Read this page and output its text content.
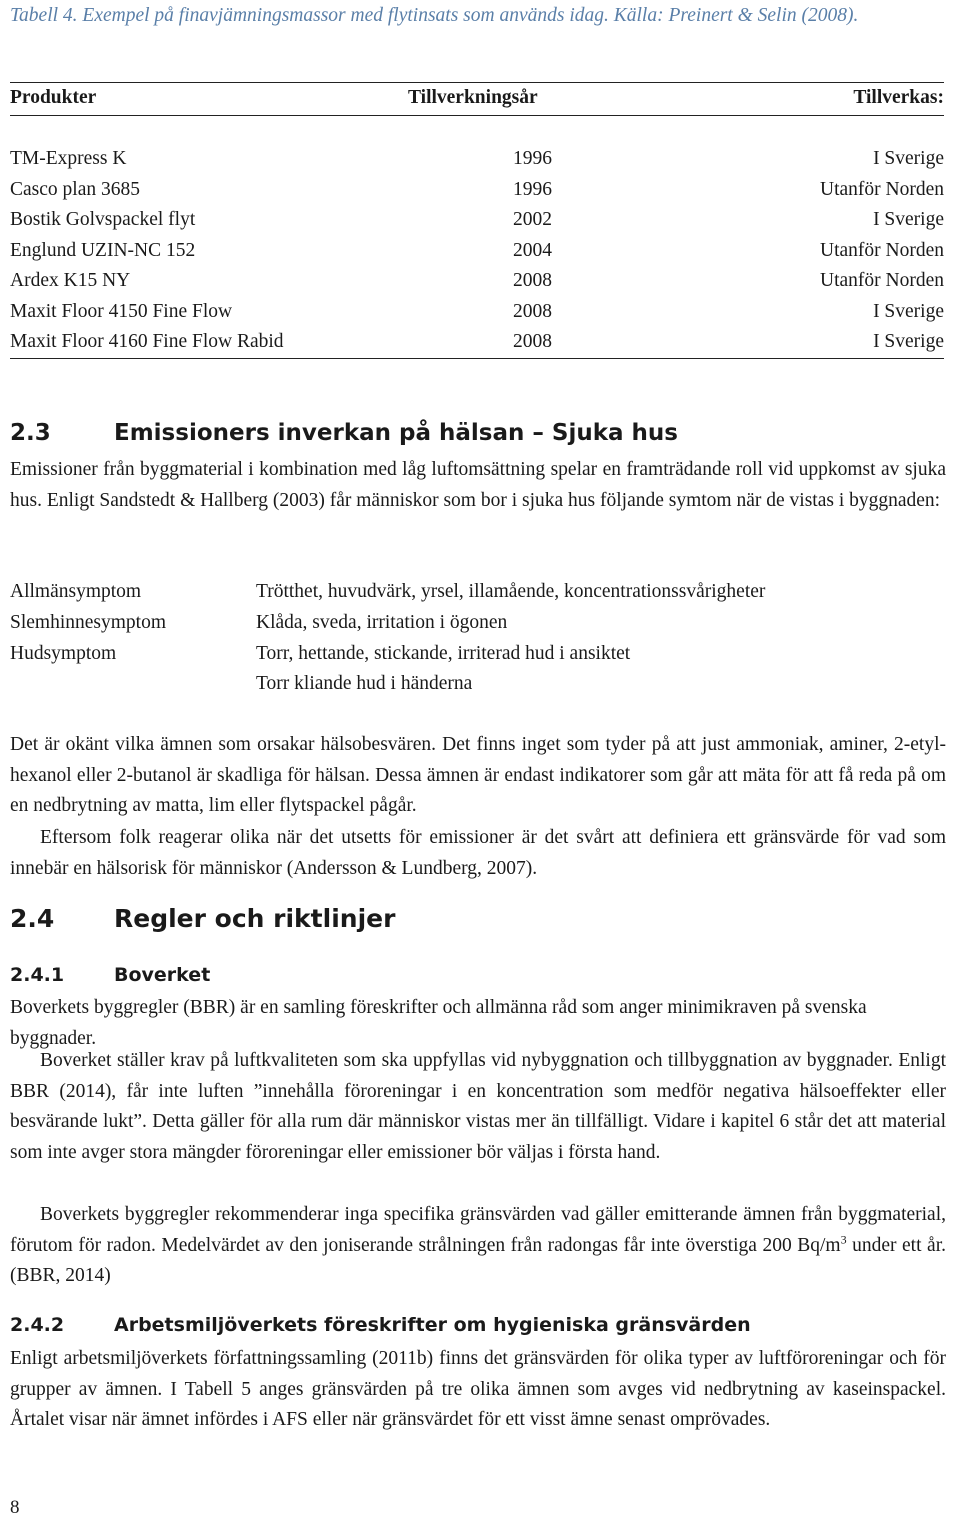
Tabell 4. Exempel på finavjämningsmassor med flytinsats som används idag. Källa: Preinert & Selin (2008).
Produkter	Tillverkningsår	Tillverkas:
TM-Express K	1996	I Sverige
Casco plan 3685	1996	Utanför Norden
Bostik Golvspackel flyt	2002	I Sverige
Englund UZIN-NC 152	2004	Utanför Norden
Ardex K15 NY	2008	Utanför Norden
Maxit Floor 4150 Fine Flow	2008	I Sverige
Maxit Floor 4160 Fine Flow Rabid	2008	I Sverige
2.3	Emissioners inverkan på hälsan – Sjuka hus

Emissioner från byggmaterial i kombination med låg luftomsättning spelar en framträdande roll vid uppkomst av sjuka hus. Enligt Sandstedt & Hallberg (2003) får människor som bor i sjuka hus följande symtom när de vistas i byggnaden:

Allmänsymptom	Trötthet, huvudvärk, yrsel, illamående, koncentrationssvårigheter
Slemhinnesymptom	Klåda, sveda, irritation i ögonen
Hudsymptom	Torr, hettande, stickande, irriterad hud i ansiktet
Torr kliande hud i händerna

Det är okänt vilka ämnen som orsakar hälsobesvären. Det finns inget som tyder på att just ammoniak, aminer, 2-etyl-hexanol eller 2-butanol är skadliga för hälsan. Dessa ämnen är endast indikatorer som går att mäta för att få reda på om en nedbrytning av matta, lim eller flytspackel pågår.

Eftersom folk reagerar olika när det utsetts för emissioner är det svårt att definiera ett gränsvärde för vad som innebär en hälsorisk för människor (Andersson & Lundberg, 2007).

2.4 Regler och riktlinjer
2.4.1	Boverket

Boverkets byggregler (BBR) är en samling föreskrifter och allmänna råd som anger minimikraven på svenska byggnader.

Boverket ställer krav på luftkvaliteten som ska uppfyllas vid nybyggnation och tillbyggnation av byggnader. Enligt BBR (2014), får inte luften ”innehålla föroreningar i en koncentration som medför negativa hälsoeffekter eller besvärande lukt”. Detta gäller för alla rum där människor vistas mer än tillfälligt. Vidare i kapitel 6 står det att material som inte avger stora mängder föroreningar eller emissioner bör väljas i första hand.

Boverkets byggregler rekommenderar inga specifika gränsvärden vad gäller emitterande ämnen från byggmaterial, förutom för radon. Medelvärdet av den joniserande strålningen från radongas får inte överstiga 200 $Bq/m^3$ under ett år. (BBR, 2014)

2.4.2	Arbetsmiljöverkets föreskrifter om hygieniska gränsvärden

Enligt arbetsmiljöverkets författningssamling (2011b) finns det gränsvärden för olika typer av luftföroreningar och för grupper av ämnen. I Tabell 5 anges gränsvärden på tre olika ämnen som avges vid nedbrytning av kaseinspackel. Årtalet visar när ämnet infördes i AFS eller när gränsvärdet för ett visst ämne senast omprövades.

8
